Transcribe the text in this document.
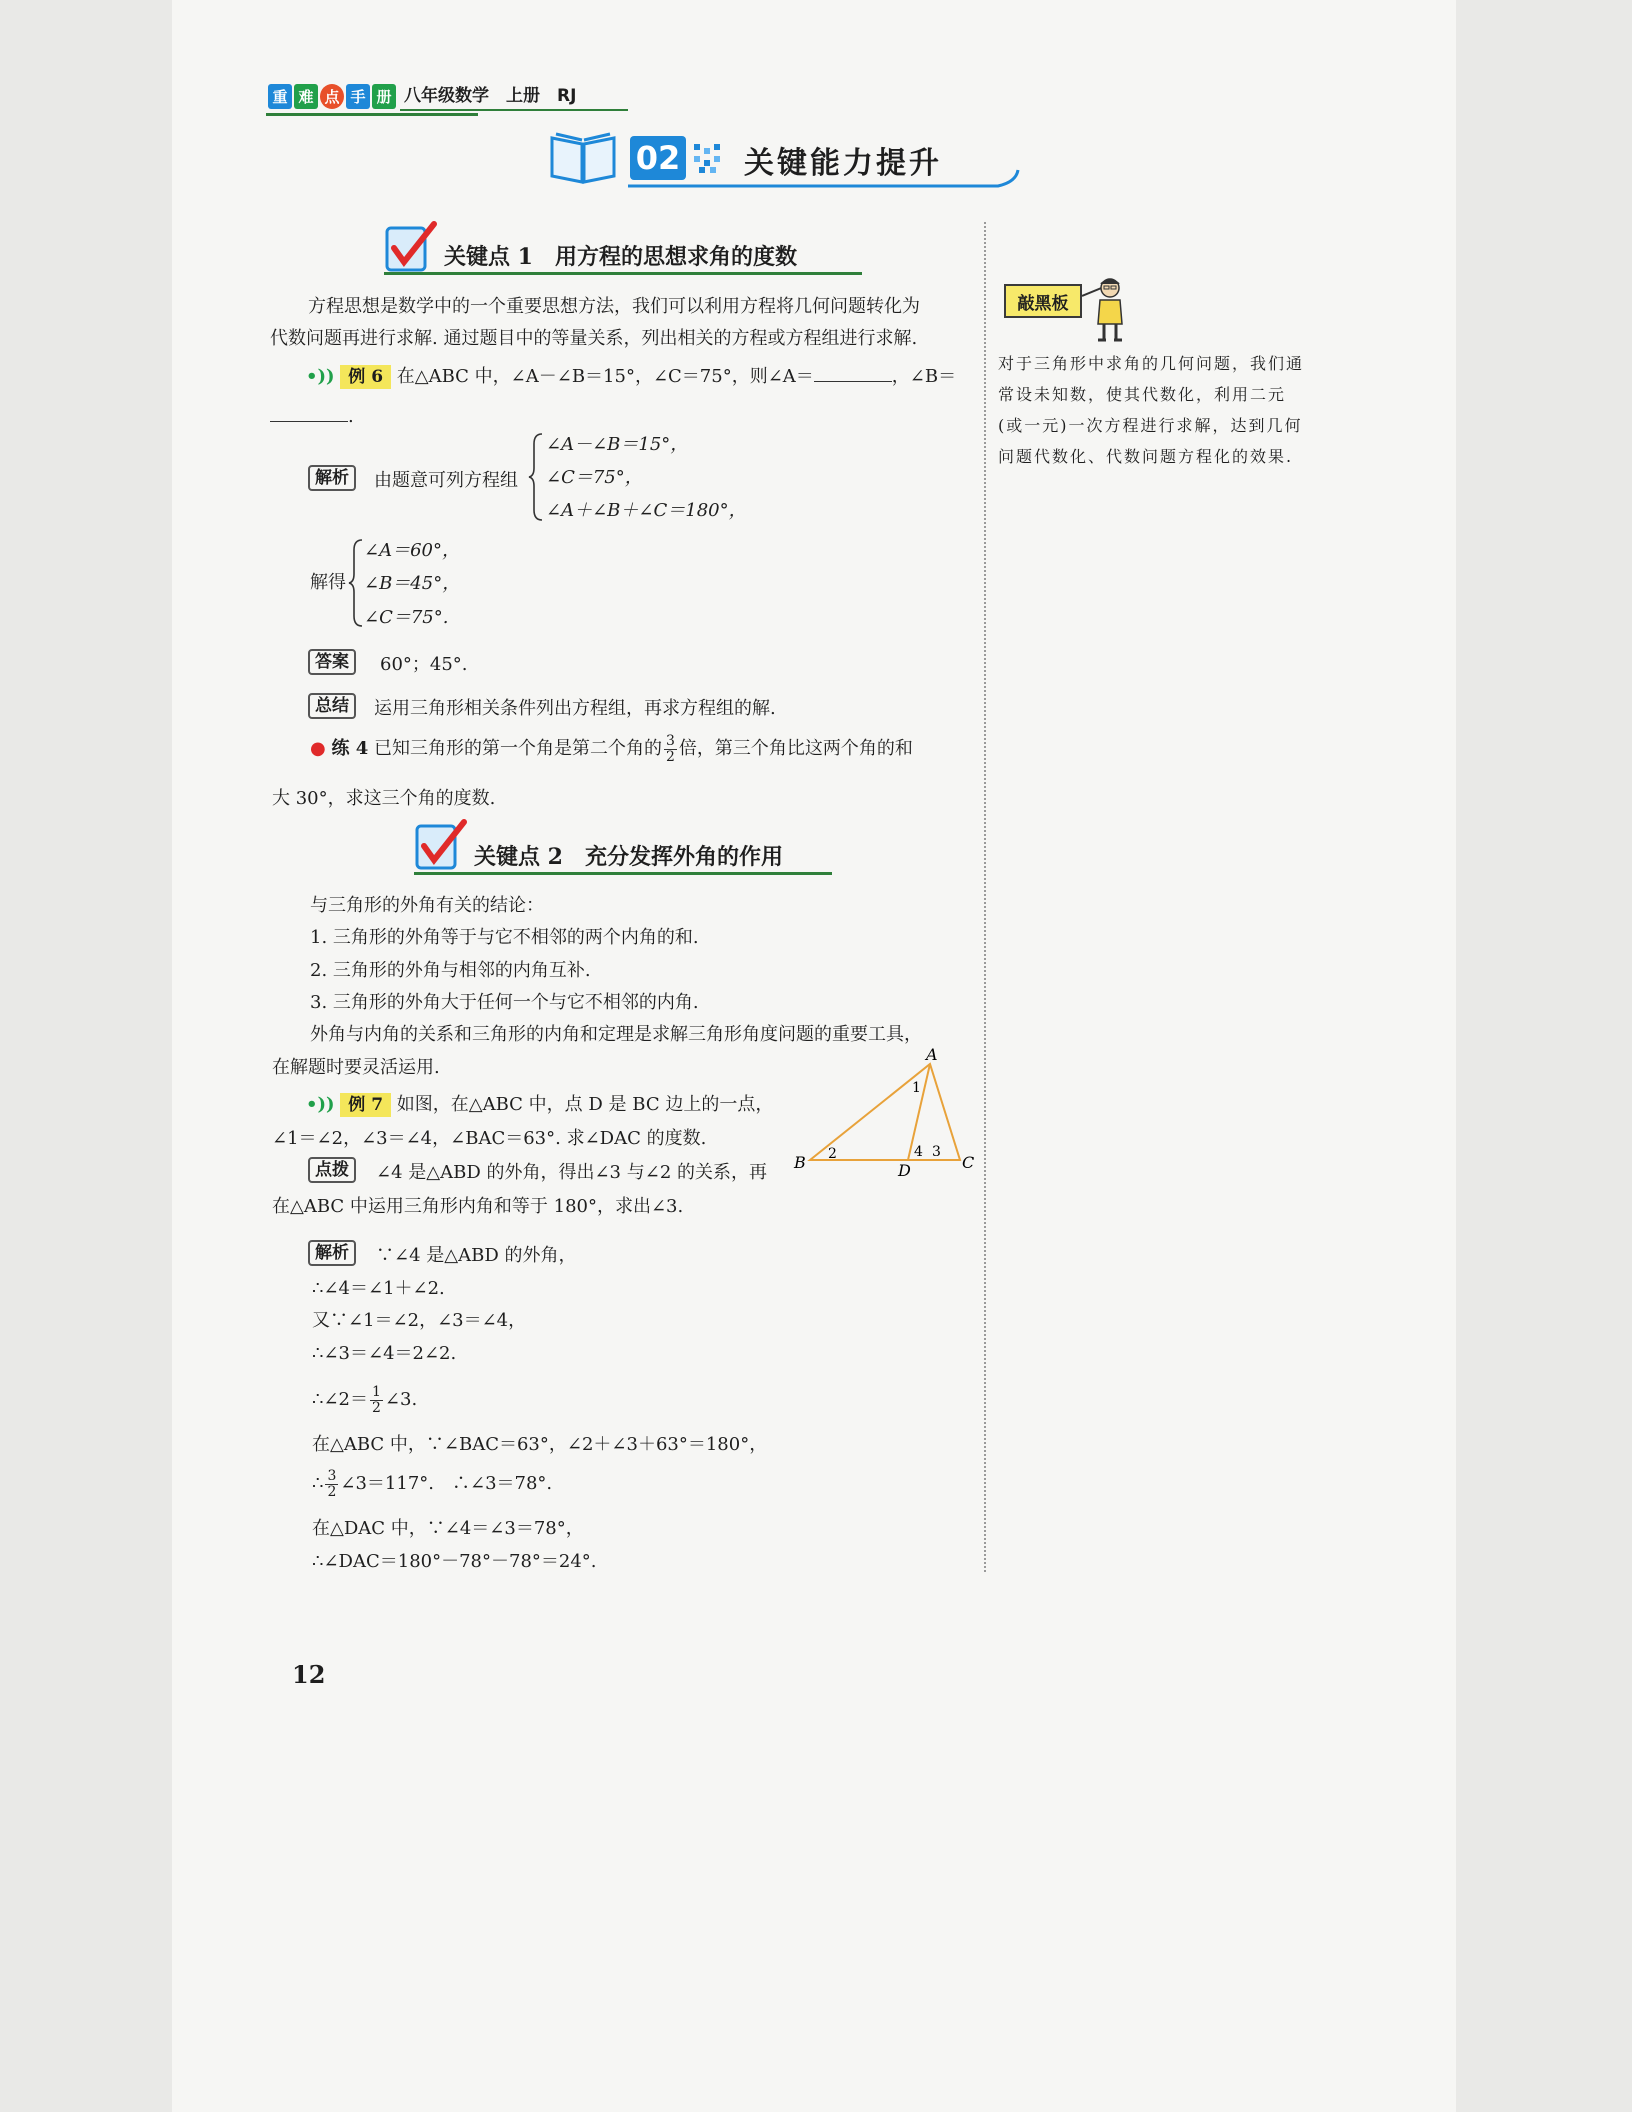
重 难 点 手 册 八年级数学　上册　RJ
02 关键能力提升
敲黑板
对于三角形中求角的几何问题，我们通常设未知数，使其代数化，利用二元(或一元)一次方程进行求解，达到几何问题代数化、代数问题方程化的效果.
关键点 1　用方程的思想求角的度数
方程思想是数学中的一个重要思想方法，我们可以利用方程将几何问题转化为
代数问题再进行求解. 通过题目中的等量关系，列出相关的方程或方程组进行求解.
•)) 例 6 在△ABC 中，∠A－∠B＝15°，∠C＝75°，则∠A＝	，∠B＝
.
解析	由题意可列方程组
∠A－∠B＝15°，
∠C＝75°，
∠A＋∠B＋∠C＝180°，
解得
∠A＝60°，
∠B＝45°，
∠C＝75°.
答案	60°；45°.
总结	运用三角形相关条件列出方程组，再求方程组的解.
● 练 4 已知三角形的第一个角是第二个角的 $\frac{3}{2}$ 倍，第三个角比这两个角的和
大 30°，求这三个角的度数.
关键点 2　充分发挥外角的作用
与三角形的外角有关的结论：
1. 三角形的外角等于与它不相邻的两个内角的和.
2. 三角形的外角与相邻的内角互补.
3. 三角形的外角大于任何一个与它不相邻的内角.
外角与内角的关系和三角形的内角和定理是求解三角形角度问题的重要工具，
在解题时要灵活运用.
•)) 例 7 如图，在△ABC 中，点 D 是 BC 边上的一点，
∠1＝∠2，∠3＝∠4，∠BAC＝63°. 求∠DAC 的度数.
A
B	C
D
1
2	3
4
点拨	∠4 是△ABD 的外角，得出∠3 与∠2 的关系，再
在△ABC 中运用三角形内角和等于 180°，求出∠3.
解析	∵∠4 是△ABD 的外角，
∴∠4＝∠1＋∠2.
又∵∠1＝∠2，∠3＝∠4，
∴∠3＝∠4＝2∠2.
∴∠2＝ $\frac{1}{2}$ ∠3.
在△ABC 中，∵∠BAC＝63°，∠2＋∠3＋63°＝180°，
∴ $\frac{3}{2}$ ∠3＝117°.　∴∠3＝78°.
在△DAC 中，∵∠4＝∠3＝78°，
∴∠DAC＝180°－78°－78°＝24°.
12
